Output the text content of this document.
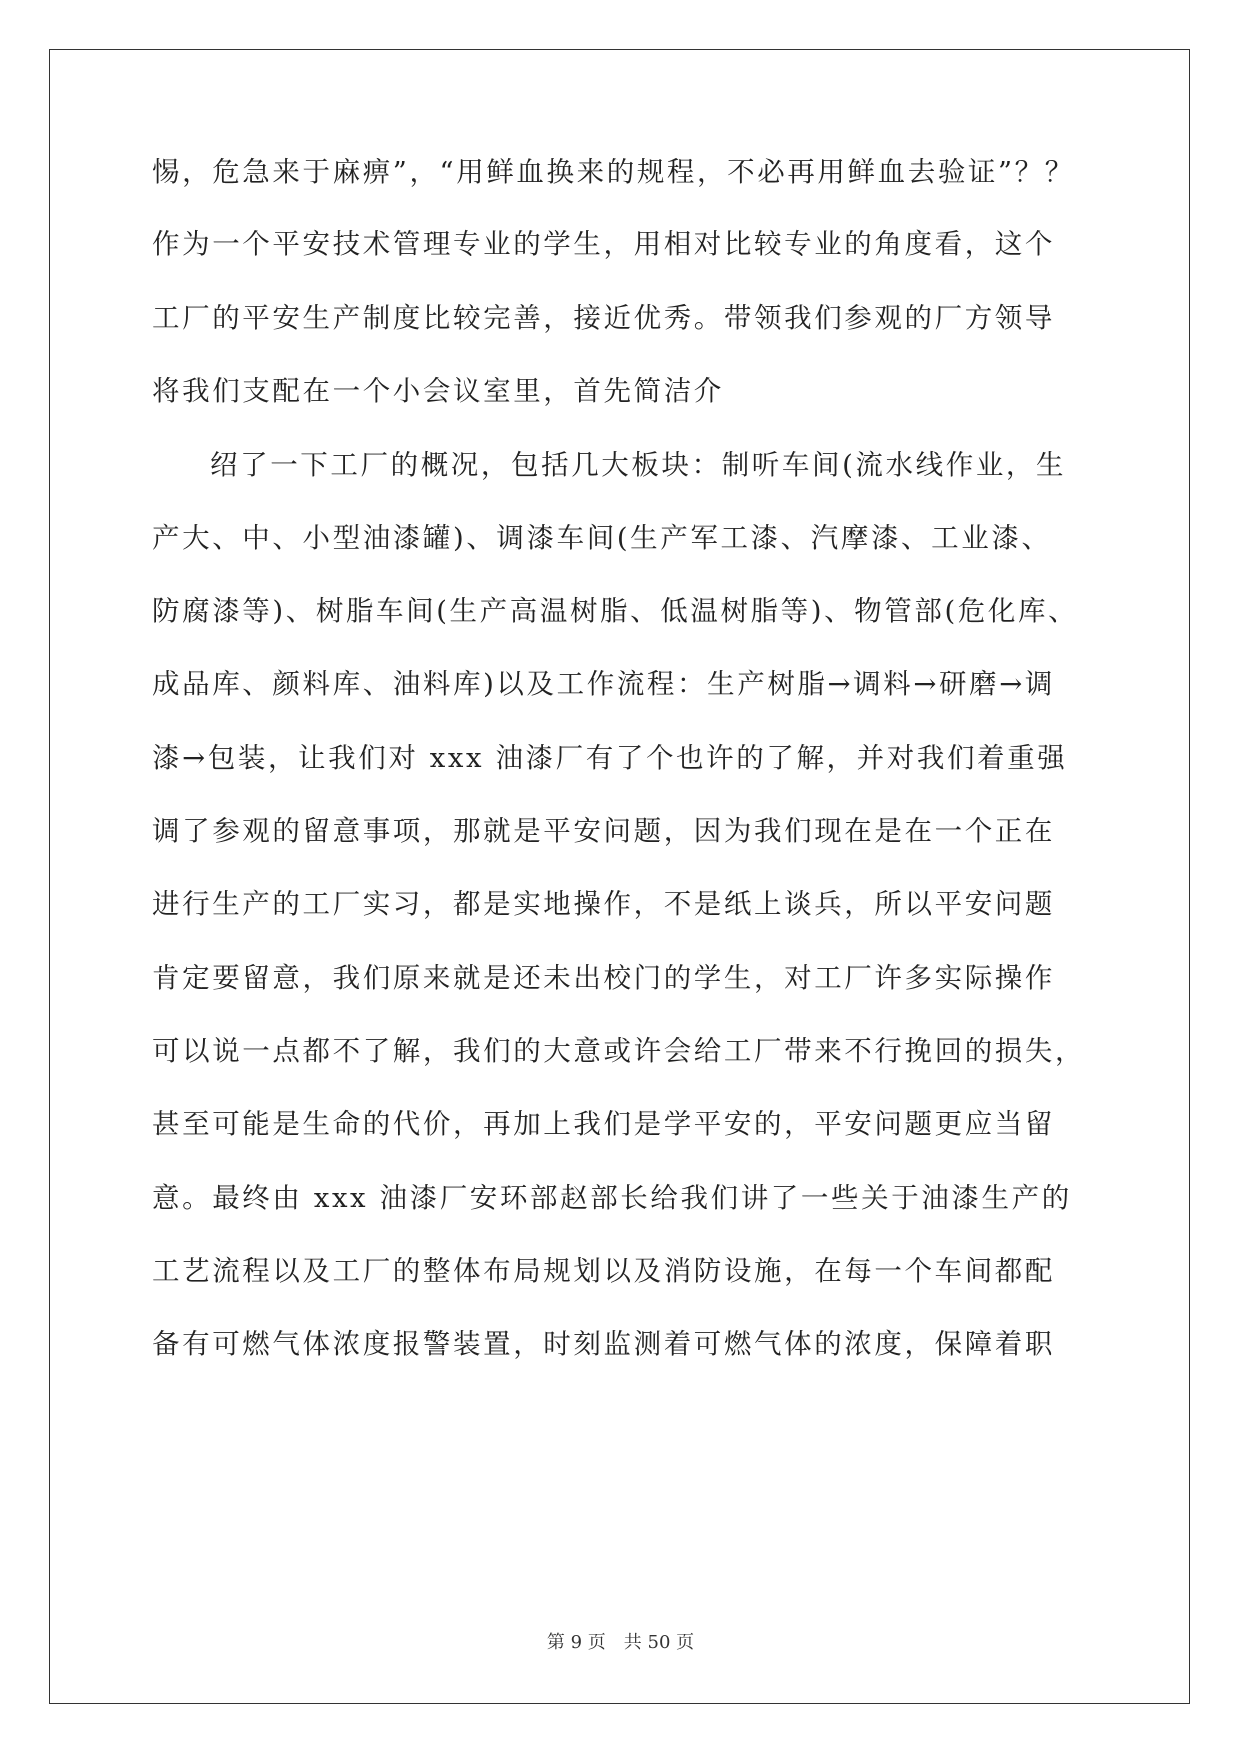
惕，危急来于麻痹”，“用鲜血换来的规程，不必再用鲜血去验证”？？
作为一个平安技术管理专业的学生，用相对比较专业的角度看，这个
工厂的平安生产制度比较完善，接近优秀。带领我们参观的厂方领导
将我们支配在一个小会议室里，首先简洁介
绍了一下工厂的概况，包括几大板块：制听车间(流水线作业，生
产大、中、小型油漆罐)、调漆车间(生产军工漆、汽摩漆、工业漆、
防腐漆等)、树脂车间(生产高温树脂、低温树脂等)、物管部(危化库、
成品库、颜料库、油料库)以及工作流程：生产树脂→调料→研磨→调
漆→包装，让我们对 xxx 油漆厂有了个也许的了解，并对我们着重强
调了参观的留意事项，那就是平安问题，因为我们现在是在一个正在
进行生产的工厂实习，都是实地操作，不是纸上谈兵，所以平安问题
肯定要留意，我们原来就是还未出校门的学生，对工厂许多实际操作
可以说一点都不了解，我们的大意或许会给工厂带来不行挽回的损失，
甚至可能是生命的代价，再加上我们是学平安的，平安问题更应当留
意。最终由 xxx 油漆厂安环部赵部长给我们讲了一些关于油漆生产的
工艺流程以及工厂的整体布局规划以及消防设施，在每一个车间都配
备有可燃气体浓度报警装置，时刻监测着可燃气体的浓度，保障着职
第 9 页　共 50 页
